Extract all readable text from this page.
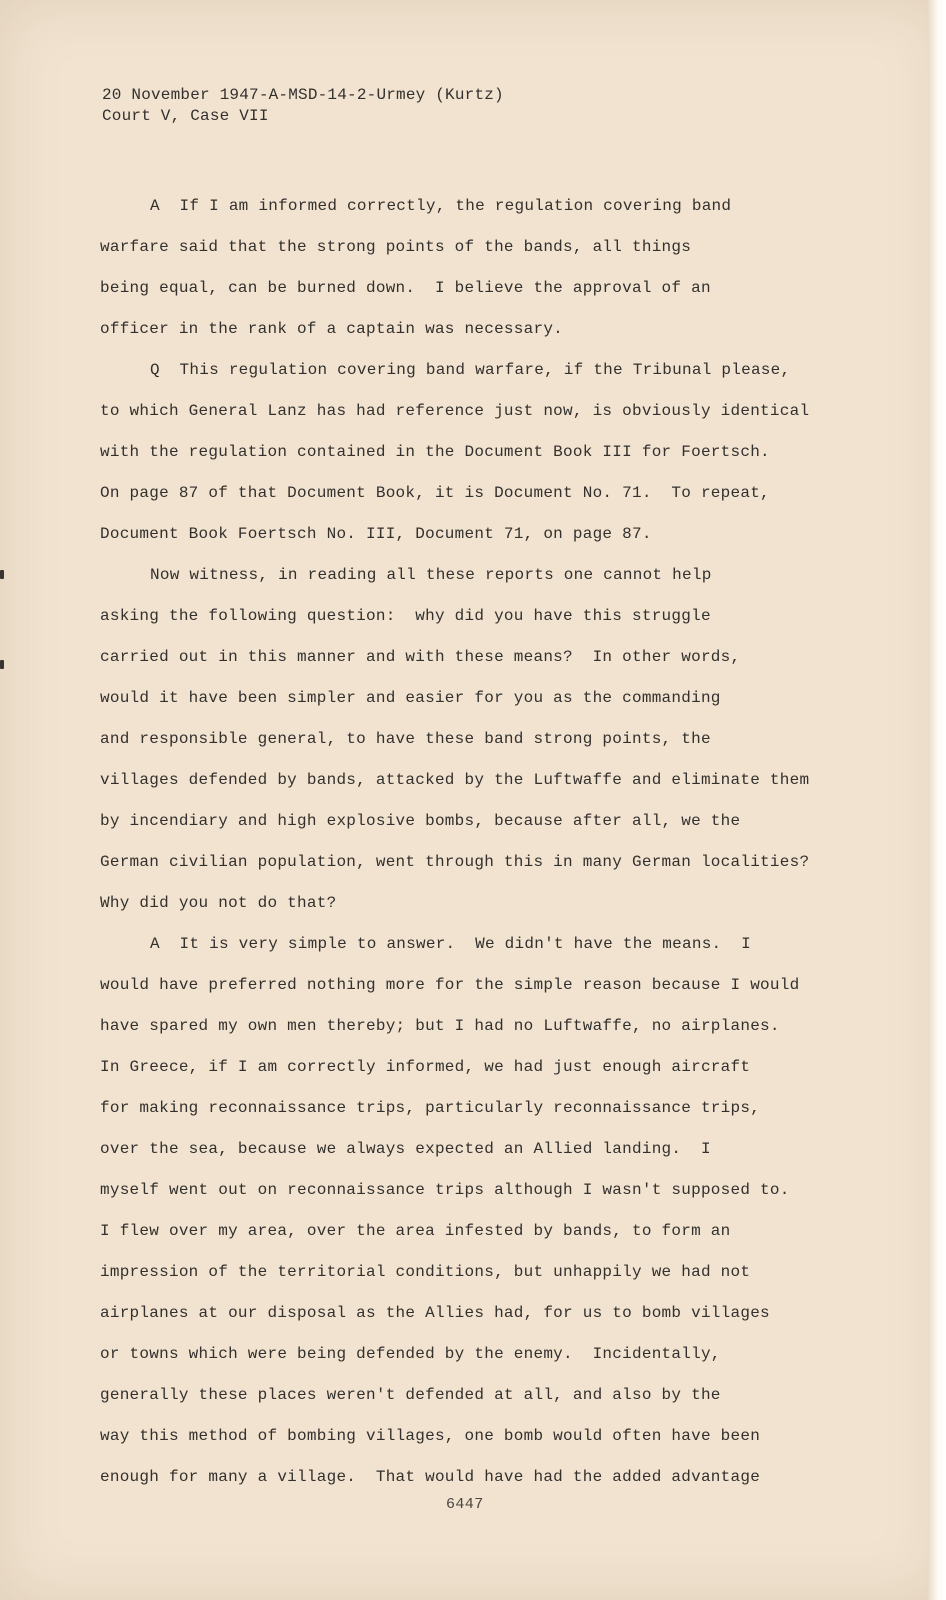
20 November 1947-A-MSD-14-2-Urmey (Kurtz)
Court V, Case VII
A  If I am informed correctly, the regulation covering band
warfare said that the strong points of the bands, all things
being equal, can be burned down.  I believe the approval of an
officer in the rank of a captain was necessary.
Q  This regulation covering band warfare, if the Tribunal please,
to which General Lanz has had reference just now, is obviously identical
with the regulation contained in the Document Book III for Foertsch.
On page 87 of that Document Book, it is Document No. 71.  To repeat,
Document Book Foertsch No. III, Document 71, on page 87.
Now witness, in reading all these reports one cannot help
asking the following question:  why did you have this struggle
carried out in this manner and with these means?  In other words,
would it have been simpler and easier for you as the commanding
and responsible general, to have these band strong points, the
villages defended by bands, attacked by the Luftwaffe and eliminate them
by incendiary and high explosive bombs, because after all, we the
German civilian population, went through this in many German localities?
Why did you not do that?
A  It is very simple to answer.  We didn't have the means.  I
would have preferred nothing more for the simple reason because I would
have spared my own men thereby; but I had no Luftwaffe, no airplanes.
In Greece, if I am correctly informed, we had just enough aircraft
for making reconnaissance trips, particularly reconnaissance trips,
over the sea, because we always expected an Allied landing.  I
myself went out on reconnaissance trips although I wasn't supposed to.
I flew over my area, over the area infested by bands, to form an
impression of the territorial conditions, but unhappily we had not
airplanes at our disposal as the Allies had, for us to bomb villages
or towns which were being defended by the enemy.  Incidentally,
generally these places weren't defended at all, and also by the
way this method of bombing villages, one bomb would often have been
enough for many a village.  That would have had the added advantage
6447
